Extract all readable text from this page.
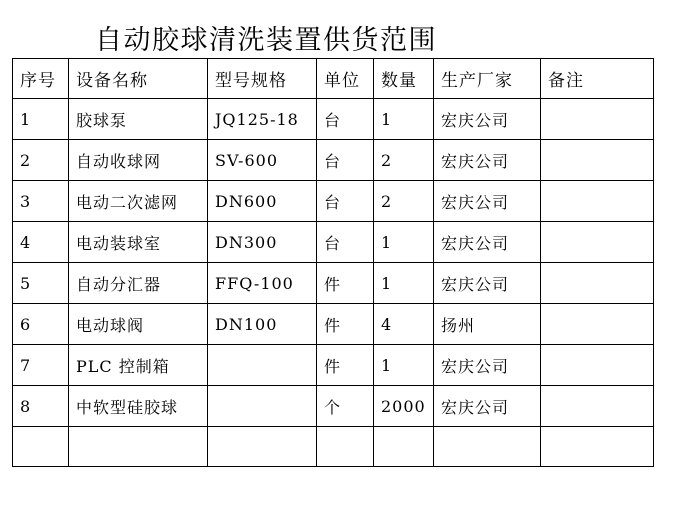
自动胶球清洗装置供货范围
序号	设备名称	型号规格	单位	数量	生产厂家	备注
1	胶球泵	JQ125-18	台	1	宏庆公司	
2	自动收球网	SV-600	台	2	宏庆公司	
3	电动二次滤网	DN600	台	2	宏庆公司	
4	电动装球室	DN300	台	1	宏庆公司	
5	自动分汇器	FFQ-100	件	1	宏庆公司	
6	电动球阀	DN100	件	4	扬州	
7	PLC 控制箱		件	1	宏庆公司	
8	中软型硅胶球		个	2000	宏庆公司	
